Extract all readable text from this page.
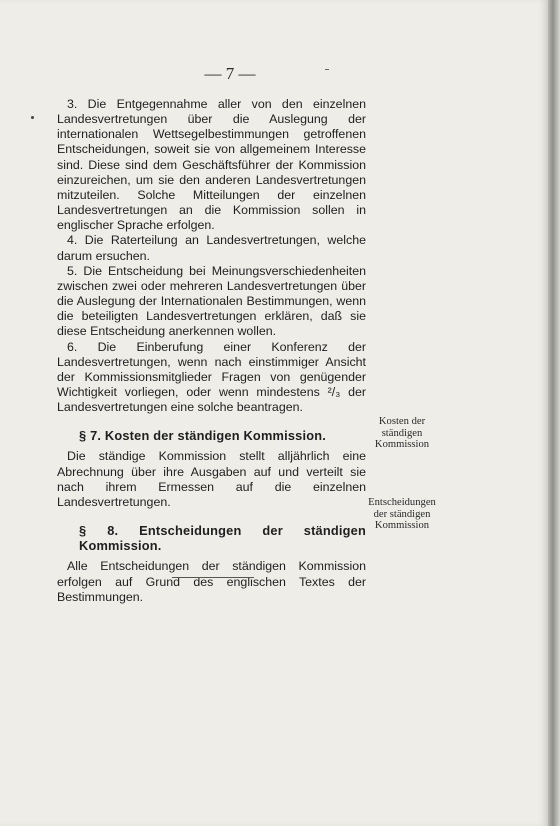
— 7 —

3. Die Entgegennahme aller von den einzelnen Landesvertretungen über die Auslegung der internationalen Wettsegelbestimmungen getroffenen Entscheidungen, soweit sie von allgemeinem Interesse sind. Diese sind dem Geschäftsführer der Kommission einzureichen, um sie den anderen Landesvertretungen mitzuteilen. Solche Mitteilungen der einzelnen Landesvertretungen an die Kommission sollen in englischer Sprache erfolgen.

4. Die Raterteilung an Landesvertretungen, welche darum ersuchen.

5. Die Entscheidung bei Meinungsverschiedenheiten zwischen zwei oder mehreren Landesvertretungen über die Auslegung der Internationalen Bestimmungen, wenn die beteiligten Landesvertretungen erklären, daß sie diese Entscheidung anerkennen wollen.

6. Die Einberufung einer Konferenz der Landesvertretungen, wenn nach einstimmiger Ansicht der Kommissionsmitglieder Fragen von genügender Wichtigkeit vorliegen, oder wenn mindestens ²/₃ der Landesvertretungen eine solche beantragen.

§ 7. Kosten der ständigen Kommission.

Die ständige Kommission stellt alljährlich eine Abrechnung über ihre Ausgaben auf und verteilt sie nach ihrem Ermessen auf die einzelnen Landesvertretungen.

§ 8. Entscheidungen der ständigen Kommission.

Alle Entscheidungen der ständigen Kommission erfolgen auf Grund des englischen Textes der Bestimmungen.

Kosten der ständigen Kommission
Entscheidungen der ständigen Kommission
